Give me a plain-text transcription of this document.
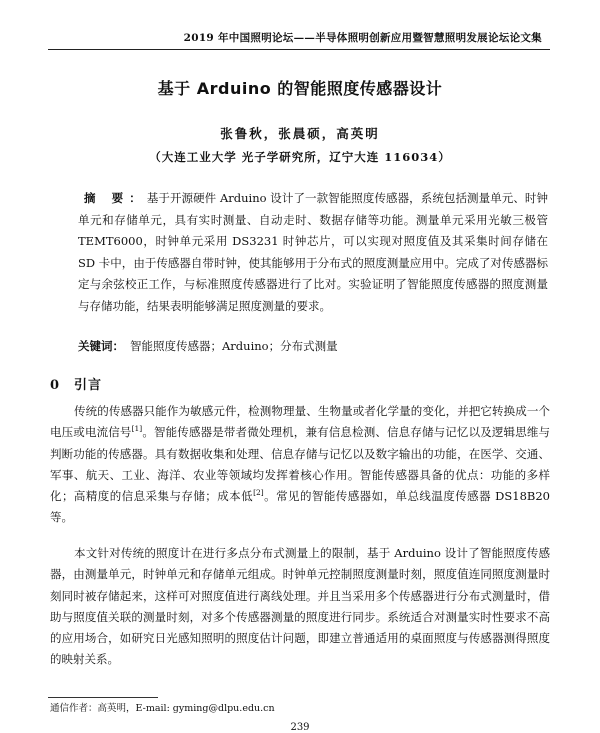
2019 年中国照明论坛——半导体照明创新应用暨智慧照明发展论坛论文集
基于 Arduino 的智能照度传感器设计
张鲁秋，张晨硕，高英明
（大连工业大学 光子学研究所，辽宁大连 116034）
摘 要：基于开源硬件 Arduino 设计了一款智能照度传感器，系统包括测量单元、时钟单元和存储单元，具有实时测量、自动走时、数据存储等功能。测量单元采用光敏三极管 TEMT6000，时钟单元采用 DS3231 时钟芯片，可以实现对照度值及其采集时间存储在 SD 卡中，由于传感器自带时钟，使其能够用于分布式的照度测量应用中。完成了对传感器标定与余弦校正工作，与标准照度传感器进行了比对。实验证明了智能照度传感器的照度测量与存储功能，结果表明能够满足照度测量的要求。
关键词： 智能照度传感器；Arduino；分布式测量
0 引言
传统的传感器只能作为敏感元件，检测物理量、生物量或者化学量的变化，并把它转换成一个电压或电流信号[1]。智能传感器是带者微处理机，兼有信息检测、信息存储与记忆以及逻辑思维与判断功能的传感器。具有数据收集和处理、信息存储与记忆以及数字输出的功能，在医学、交通、军事、航天、工业、海洋、农业等领域均发挥着核心作用。智能传感器具备的优点：功能的多样化；高精度的信息采集与存储；成本低[2]。常见的智能传感器如，单总线温度传感器 DS18B20 等。
本文针对传统的照度计在进行多点分布式测量上的限制，基于 Arduino 设计了智能照度传感器，由测量单元，时钟单元和存储单元组成。时钟单元控制照度测量时刻，照度值连同照度测量时刻同时被存储起来，这样可对照度值进行离线处理。并且当采用多个传感器进行分布式测量时，借助与照度值关联的测量时刻，对多个传感器测量的照度进行同步。系统适合对测量实时性要求不高的应用场合，如研究日光感知照明的照度估计问题，即建立普通适用的桌面照度与传感器测得照度的映射关系。
通信作者：高英明，E-mail: gyming@dlpu.edu.cn
239
